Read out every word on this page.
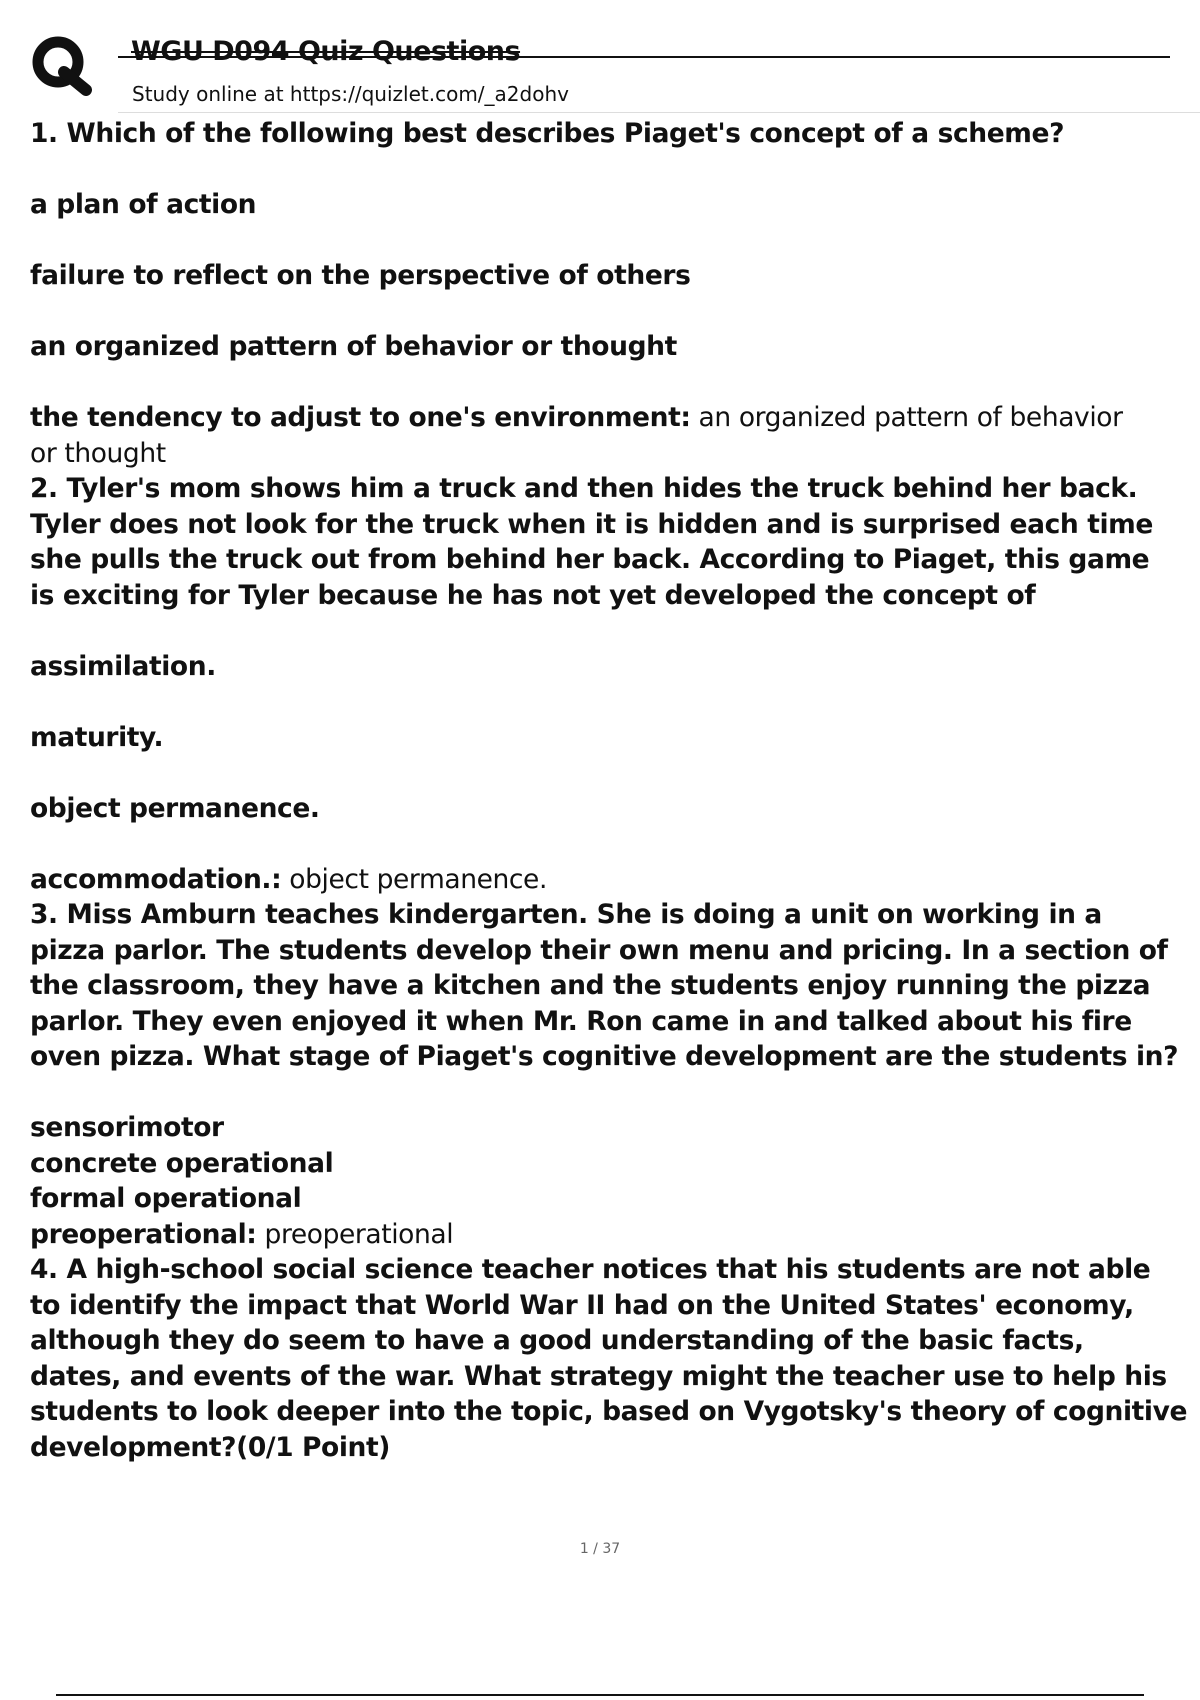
WGU D094 Quiz Questions
Study online at https://quizlet.com/_a2dohv

1. Which of the following best describes Piaget's concept of a scheme?

a plan of action

failure to reflect on the perspective of others

an organized pattern of behavior or thought

the tendency to adjust to one's environment: an organized pattern of behavior

or thought

2. Tyler's mom shows him a truck and then hides the truck behind her back.

Tyler does not look for the truck when it is hidden and is surprised each time

she pulls the truck out from behind her back. According to Piaget, this game

is exciting for Tyler because he has not yet developed the concept of

assimilation.

maturity.

object permanence.

accommodation.: object permanence.

3. Miss Amburn teaches kindergarten. She is doing a unit on working in a

pizza parlor. The students develop their own menu and pricing. In a section of

the classroom, they have a kitchen and the students enjoy running the pizza

parlor. They even enjoyed it when Mr. Ron came in and talked about his fire

oven pizza. What stage of Piaget's cognitive development are the students in?

sensorimotor

concrete operational

formal operational

preoperational: preoperational

4. A high-school social science teacher notices that his students are not able

to identify the impact that World War II had on the United States' economy,

although they do seem to have a good understanding of the basic facts,

dates, and events of the war. What strategy might the teacher use to help his

students to look deeper into the topic, based on Vygotsky's theory of cognitive

development?(0/1 Point)

1 / 37
